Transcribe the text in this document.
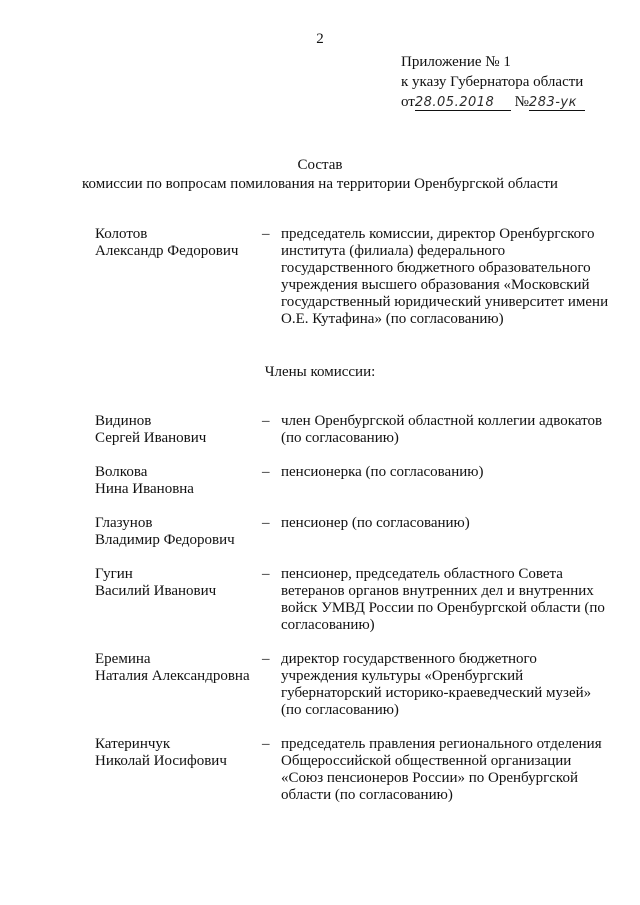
2
Приложение № 1
к указу Губернатора области
от28.05.2018 №283-ук
Состав
комиссии по вопросам помилования на территории Оренбургской области
Колотов
Александр Федорович
– председатель комиссии, директор Оренбургского института (филиала) федерального государственного бюджетного образовательного учреждения высшего образования «Московский государственный юридический университет имени О.Е. Кутафина» (по согласованию)
Члены комиссии:
Видинов
Сергей Иванович
– член Оренбургской областной коллегии адвокатов (по согласованию)
Волкова
Нина Ивановна
– пенсионерка (по согласованию)
Глазунов
Владимир Федорович
– пенсионер (по согласованию)
Гугин
Василий Иванович
– пенсионер, председатель областного Совета ветеранов органов внутренних дел и внутренних войск УМВД России по Оренбургской области (по согласованию)
Еремина
Наталия Александровна
– директор государственного бюджетного учреждения культуры «Оренбургский губернаторский историко-краеведческий музей» (по согласованию)
Катеринчук
Николай Иосифович
– председатель правления регионального отделения Общероссийской общественной организации «Союз пенсионеров России» по Оренбургской области (по согласованию)
